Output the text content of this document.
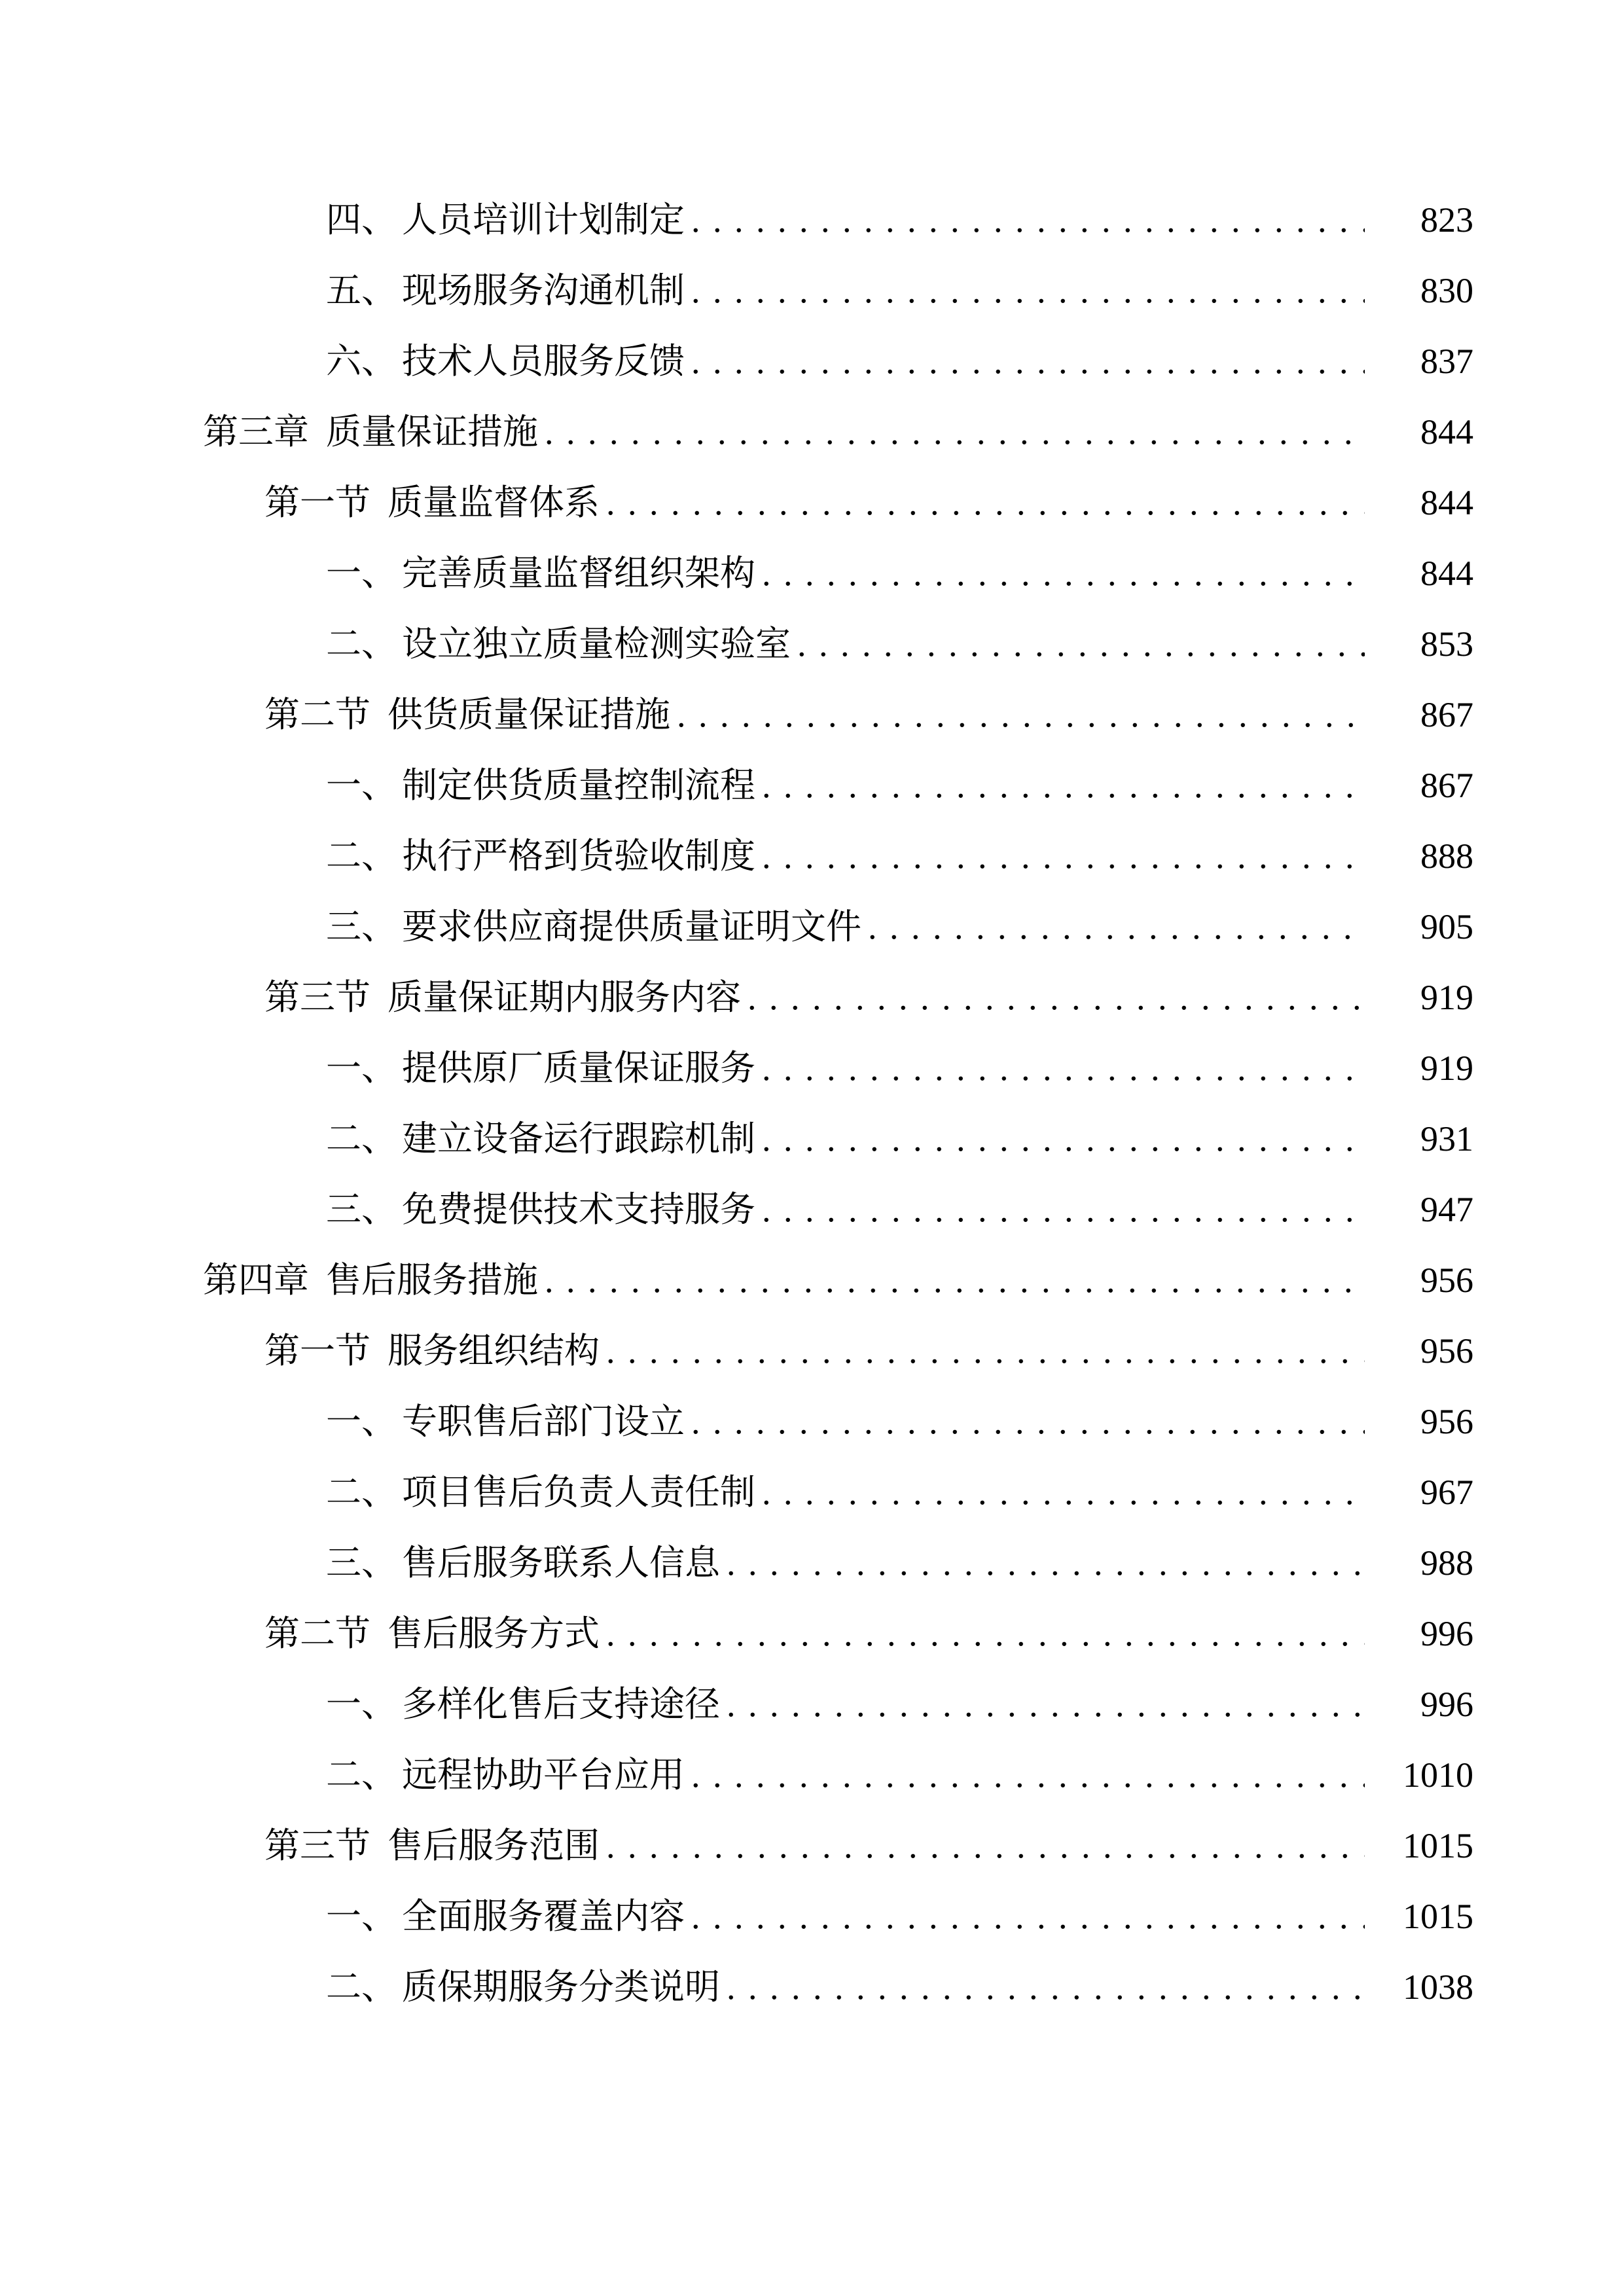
四、 人员培训计划制定 . . .	823
五、 现场服务沟通机制 . . .	830
六、 技术人员服务反馈 . . .	837
第三章 质量保证措施 . . .	844
第一节 质量监督体系 . . .	844
一、 完善质量监督组织架构 . . .	844
二、 设立独立质量检测实验室 . . .	853
第二节 供货质量保证措施 . . .	867
一、 制定供货质量控制流程 . . .	867
二、 执行严格到货验收制度 . . .	888
三、 要求供应商提供质量证明文件 . . .	905
第三节 质量保证期内服务内容 . . .	919
一、 提供原厂质量保证服务 . . .	919
二、 建立设备运行跟踪机制 . . .	931
三、 免费提供技术支持服务 . . .	947
第四章 售后服务措施 . . .	956
第一节 服务组织结构 . . .	956
一、 专职售后部门设立 . . .	956
二、 项目售后负责人责任制 . . .	967
三、 售后服务联系人信息 . . .	988
第二节 售后服务方式 . . .	996
一、 多样化售后支持途径 . . .	996
二、 远程协助平台应用 . . .	1010
第三节 售后服务范围 . . .	1015
一、 全面服务覆盖内容 . . .	1015
二、 质保期服务分类说明 . . .	1038
